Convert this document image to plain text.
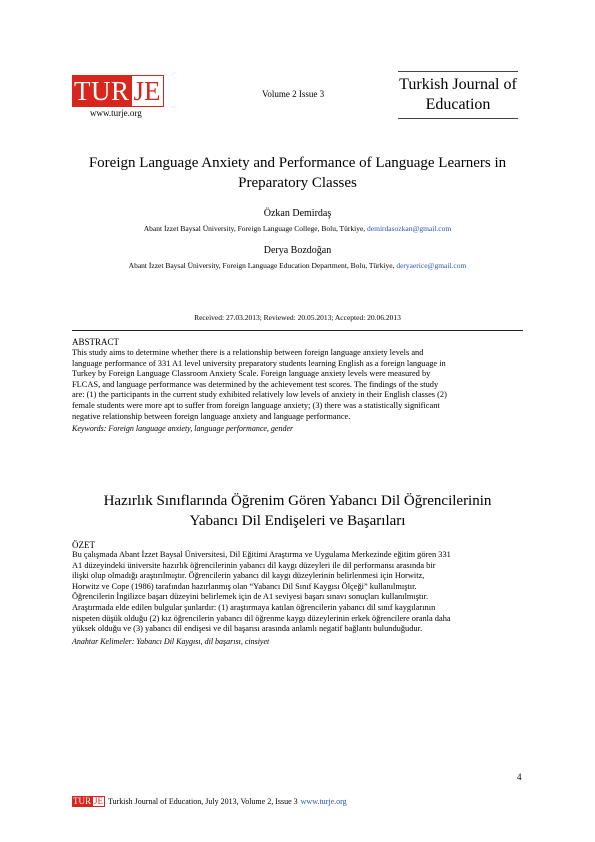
TUR JE
www.turje.org
Volume 2 Issue 3
Turkish Journal of
Education
Foreign Language Anxiety and Performance of Language Learners in
Preparatory Classes
Özkan Demirdaş
Abant İzzet Baysal Üniversity, Foreign Language College, Bolu, Türkiye, demirdasozkan@gmail.com
Derya Bozdoğan
Abant İzzet Baysal Üniversity, Foreign Language Education Department, Bolu, Türkiye, deryaerice@gmail.com
Received: 27.03.2013; Reviewed: 20.05.2013; Accepted: 20.06.2013
ABSTRACT
This study aims to determine whether there is a relationship between foreign language anxiety levels and
language performance of 331 A1 level university preparatory students learning English as a foreign language in
Turkey by Foreign Language Classroom Anxiety Scale. Foreign language anxiety levels were measured by
FLCAS, and language performance was determined by the achievement test scores. The findings of the study
are: (1) the participants in the current study exhibited relatively low levels of anxiety in their English classes (2)
female students were more apt to suffer from foreign language anxiety; (3) there was a statistically significant
negative relationship between foreign language anxiety and language performance.
Keywords: Foreign language anxiety, language performance, gender
Hazırlık Sınıflarında Öğrenim Gören Yabancı Dil Öğrencilerinin
Yabancı Dil Endişeleri ve Başarıları
ÖZET
Bu çalışmada Abant İzzet Baysal Üniversitesi, Dil Eğitimi Araştırma ve Uygulama Merkezinde eğitim gören 331
A1 düzeyindeki üniversite hazırlık öğrencilerinin yabancı dil kaygı düzeyleri ile dil performansı arasında bir
ilişki olup olmadığı araştırılmıştır. Öğrencilerin yabancı dil kaygı düzeylerinin belirlenmesi için Horwitz,
Horwitz ve Cope (1986) tarafından hazırlanmış olan “Yabancı Dil Sınıf Kaygısı Ölçeği” kullanılmıştır.
Öğrencilerin İngilizce başarı düzeyini belirlemek için de A1 seviyesi başarı sınavı sonuçları kullanılmıştır.
Araştırmada elde edilen bulgular şunlardır: (1) araştırmaya katılan öğrencilerin yabancı dil sınıf kaygılarının
nispeten düşük olduğu (2) kız öğrencilerin yabancı dil öğrenme kaygı düzeylerinin erkek öğrencilere oranla daha
yüksek olduğu ve (3) yabancı dil endişesi ve dil başarısı arasında anlamlı negatif bağlantı bulunduğudur.
Anahtar Kelimeler: Yabancı Dil Kaygısı, dil başarısı, cinsiyet
4
TUR JE Turkish Journal of Education, July 2013, Volume 2, Issue 3 www.turje.org
